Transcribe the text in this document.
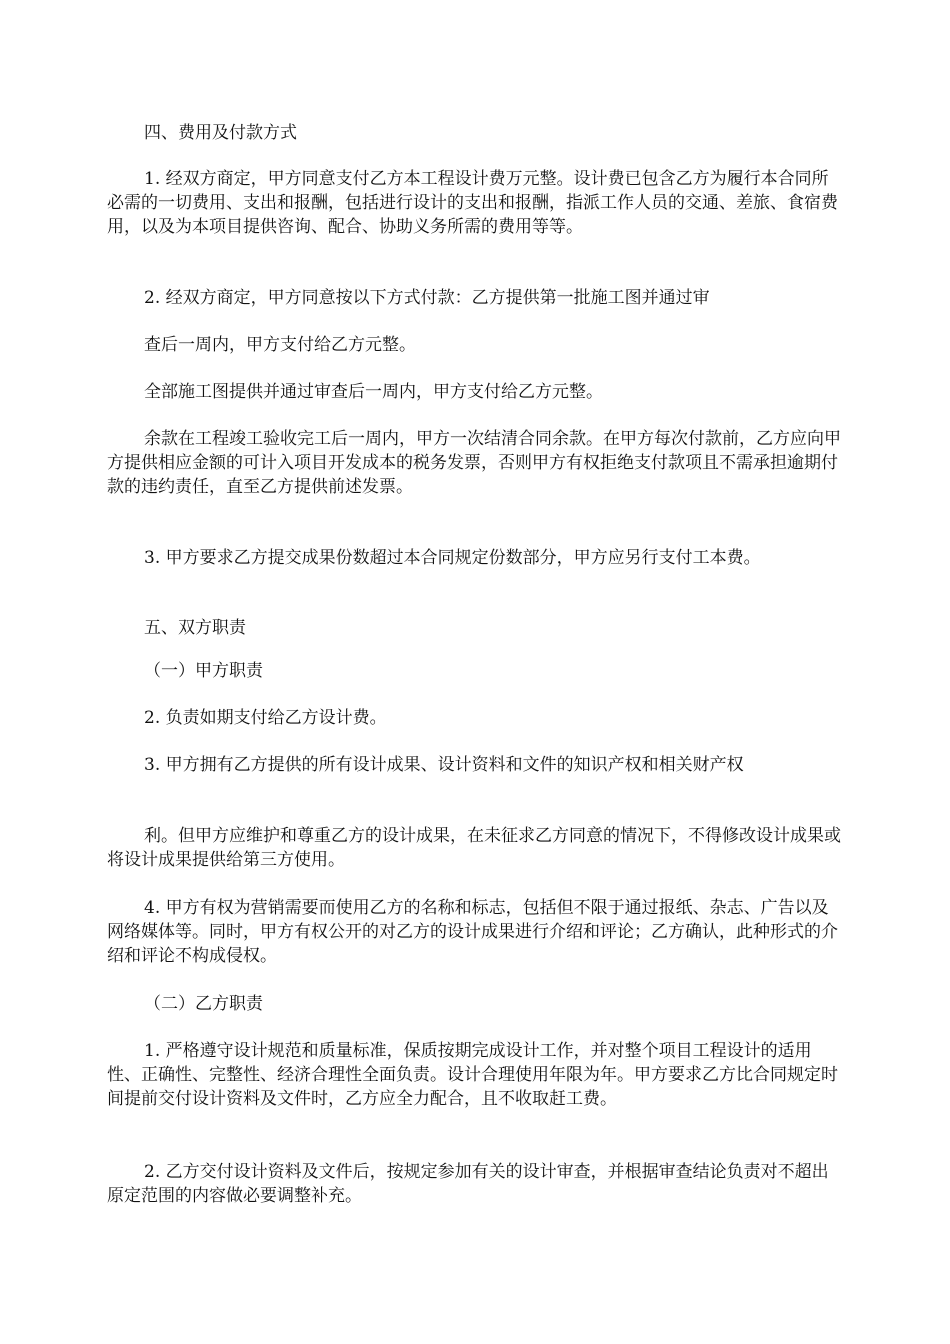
四、费用及付款方式

1. 经双方商定，甲方同意支付乙方本工程设计费万元整。设计费已包含乙方为履行本合同所必需的一切费用、支出和报酬，包括进行设计的支出和报酬，指派工作人员的交通、差旅、食宿费用，以及为本项目提供咨询、配合、协助义务所需的费用等等。

2. 经双方商定，甲方同意按以下方式付款：乙方提供第一批施工图并通过审

查后一周内，甲方支付给乙方元整。

全部施工图提供并通过审查后一周内，甲方支付给乙方元整。

余款在工程竣工验收完工后一周内，甲方一次结清合同余款。在甲方每次付款前，乙方应向甲方提供相应金额的可计入项目开发成本的税务发票，否则甲方有权拒绝支付款项且不需承担逾期付款的违约责任，直至乙方提供前述发票。

3. 甲方要求乙方提交成果份数超过本合同规定份数部分，甲方应另行支付工本费。

五、双方职责

（一）甲方职责

2. 负责如期支付给乙方设计费。

3. 甲方拥有乙方提供的所有设计成果、设计资料和文件的知识产权和相关财产权

利。但甲方应维护和尊重乙方的设计成果，在未征求乙方同意的情况下，不得修改设计成果或将设计成果提供给第三方使用。

4. 甲方有权为营销需要而使用乙方的名称和标志，包括但不限于通过报纸、杂志、广告以及网络媒体等。同时，甲方有权公开的对乙方的设计成果进行介绍和评论；乙方确认，此种形式的介绍和评论不构成侵权。

（二）乙方职责

1. 严格遵守设计规范和质量标准，保质按期完成设计工作，并对整个项目工程设计的适用性、正确性、完整性、经济合理性全面负责。设计合理使用年限为年。甲方要求乙方比合同规定时间提前交付设计资料及文件时，乙方应全力配合，且不收取赶工费。

2. 乙方交付设计资料及文件后，按规定参加有关的设计审查，并根据审查结论负责对不超出原定范围的内容做必要调整补充。
